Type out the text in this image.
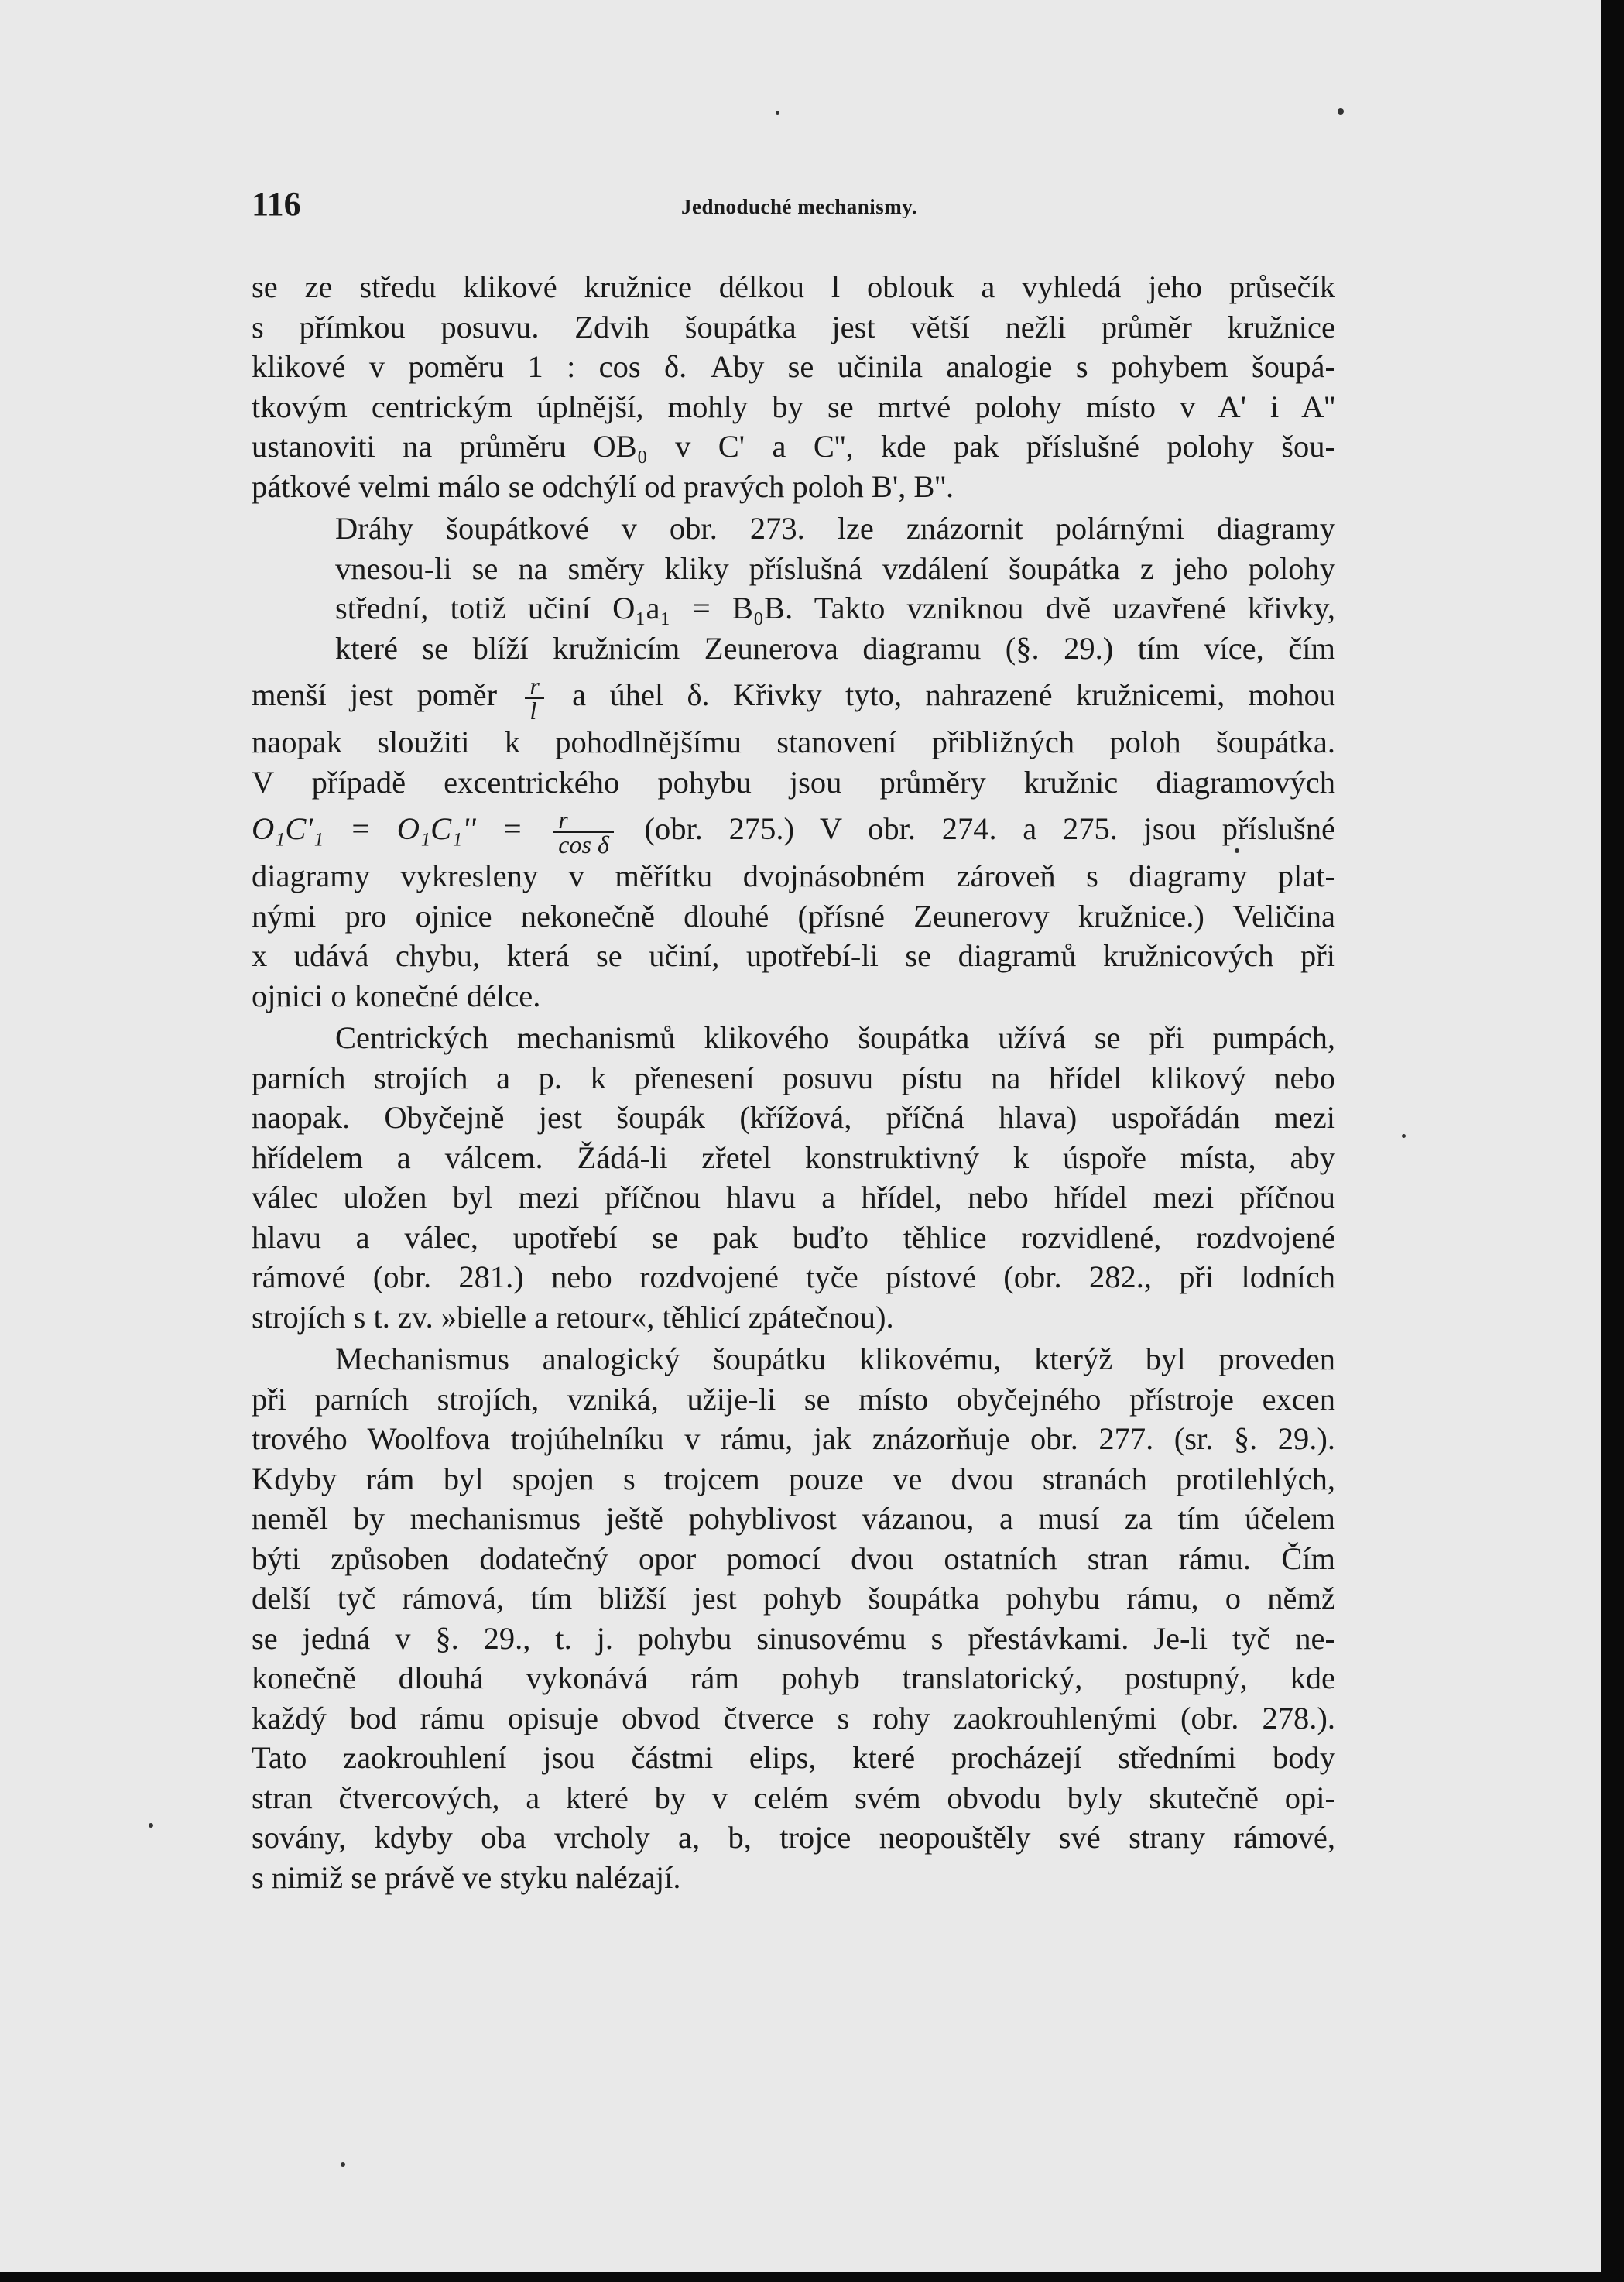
116	Jednoduché mechanismy.
se ze středu klikové kružnice délkou l oblouk a vyhledá jeho průsečík
s přímkou posuvu. Zdvih šoupátka jest větší nežli průměr kružnice
klikové v poměru 1 : cos δ. Aby se učinila analogie s pohybem šoupá-
tkovým centrickým úplnější, mohly by se mrtvé polohy místo v A' i A''
ustanoviti na průměru OB₀ v C' a C'', kde pak příslušné polohy šou-
pátkové velmi málo se odchýlí od pravých poloh B', B''.
Dráhy šoupátkové v obr. 273. lze znázornit polárnými diagramy
vnesou-li se na směry kliky příslušná vzdálení šoupátka z jeho polohy
střední, totiž učiní O₁a₁ = B₀B. Takto vzniknou dvě uzavřené křivky,
které se blíží kružnicím Zeunerova diagramu (§. 29.) tím více, čím
menší jest poměr $\frac{r}{l}$ a úhel δ. Křivky tyto, nahrazené kružnicemi, mohou
naopak sloužiti k pohodlnějšímu stanovení přibližných poloh šoupátka.
V případě excentrického pohybu jsou průměry kružnic diagramových
$O_1C'_1 = O_1C_1'' = \frac{r}{\text{cos δ}} (obr$. 275.) V obr. 274. a 275. jsou příslušné
diagramy vykresleny v měřítku dvojnásobném zároveň s diagramy plat-
nými pro ojnice nekonečně dlouhé (přísné Zeunerovy kružnice.) Veličina
x udává chybu, která se učiní, upotřebí-li se diagramů kružnicových při
ojnici o konečné délce.
Centrických mechanismů klikového šoupátka užívá se při pumpách,
parních strojích a p. k přenesení posuvu pístu na hřídel klikový nebo
naopak. Obyčejně jest šoupák (křížová, příčná hlava) uspořádán mezi
hřídelem a válcem. Žádá-li zřetel konstruktivný k úspoře místa, aby
válec uložen byl mezi příčnou hlavu a hřídel, nebo hřídel mezi příčnou
hlavu a válec, upotřebí se pak buďto těhlice rozvidlené, rozdvojené
rámové (obr. 281.) nebo rozdvojené tyče pístové (obr. 282., při lodních
strojích s t. zv. »bielle a retour«, těhlicí zpátečnou).
Mechanismus analogický šoupátku klikovému, kterýž byl proveden
při parních strojích, vzniká, užije-li se místo obyčejného přístroje excen
trového Woolfova trojúhelníku v rámu, jak znázorňuje obr. 277. (sr. §. 29.).
Kdyby rám byl spojen s trojcem pouze ve dvou stranách protilehlých,
neměl by mechanismus ještě pohyblivost vázanou, a musí za tím účelem
býti způsoben dodatečný opor pomocí dvou ostatních stran rámu. Čím
delší tyč rámová, tím bližší jest pohyb šoupátka pohybu rámu, o němž
se jedná v §. 29., t. j. pohybu sinusovému s přestávkami. Je-li tyč ne-
konečně dlouhá vykonává rám pohyb translatorický, postupný, kde
každý bod rámu opisuje obvod čtverce s rohy zaokrouhlenými (obr. 278.).
Tato zaokrouhlení jsou částmi elips, které procházejí středními body
stran čtvercových, a které by v celém svém obvodu byly skutečně opi-
sovány, kdyby oba vrcholy a, b, trojce neopouštěly své strany rámové,
s nimiž se právě ve styku nalézají.
